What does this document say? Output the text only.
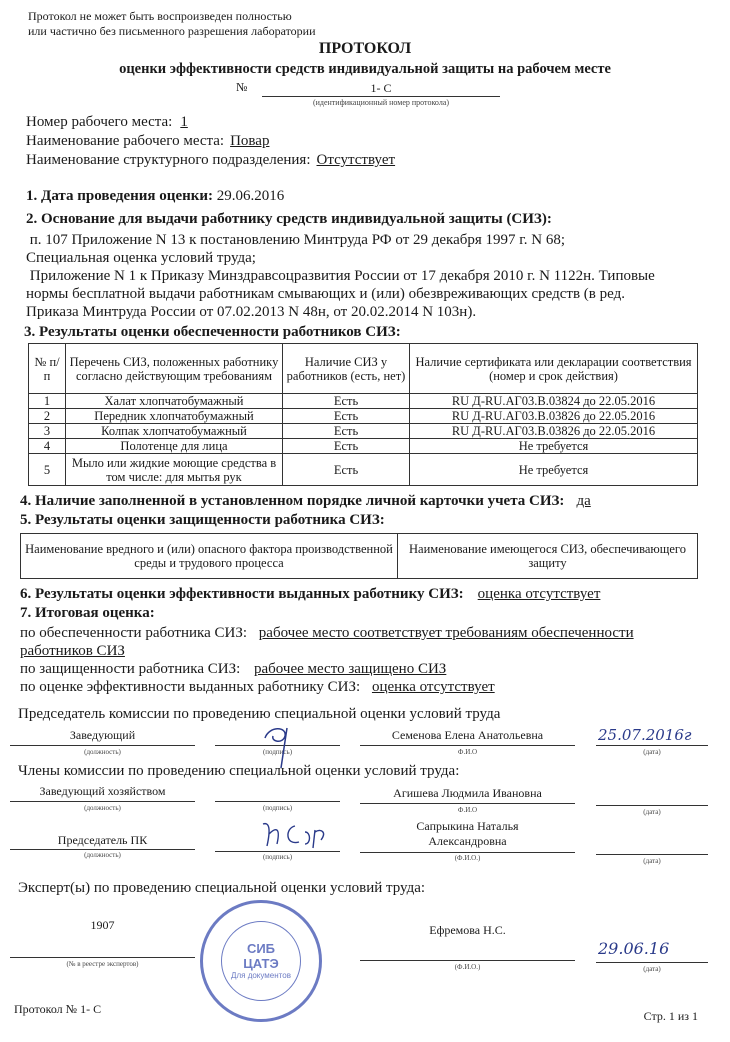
Протокол не может быть воспроизведен полностью
или частично без письменного разрешения лаборатории
ПРОТОКОЛ
оценки эффективности средств индивидуальной защиты на рабочем месте
№	1- С
(идентификационный номер протокола)
Номер рабочего места: 1
Наименование рабочего места: Повар
Наименование структурного подразделения: Отсутствует
1. Дата проведения оценки: 29.06.2016
2. Основание для выдачи работнику средств индивидуальной защиты (СИЗ):
п. 107 Приложение N 13 к постановлению Минтруда РФ от 29 декабря 1997 г. N 68;
Специальная оценка условий труда;
Приложение N 1 к Приказу Минздравсоцразвития России от 17 декабря 2010 г. N 1122н. Типовые
нормы бесплатной выдачи работникам смывающих и (или) обезвреживающих средств (в ред.
Приказа Минтруда России от 07.02.2013 N 48н, от 20.02.2014 N 103н).
3. Результаты оценки обеспеченности работников СИЗ:
№ п/п	Перечень СИЗ, положенных работнику согласно действующим требованиям	Наличие СИЗ у работников (есть, нет)	Наличие сертификата или декларации соответствия (номер и срок действия)
1	Халат хлопчатобумажный	Есть	RU Д-RU.АГ03.В.03824 до 22.05.2016
2	Передник хлопчатобумажный	Есть	RU Д-RU.АГ03.В.03826 до 22.05.2016
3	Колпак хлопчатобумажный	Есть	RU Д-RU.АГ03.В.03826 до 22.05.2016
4	Полотенце для лица	Есть	Не требуется
5	Мыло или жидкие моющие средства в том числе: для мытья рук	Есть	Не требуется
4. Наличие заполненной в установленном порядке личной карточки учета СИЗ: да
5. Результаты оценки защищенности работника СИЗ:
Наименование вредного и (или) опасного фактора производственной среды и трудового процесса	Наименование имеющегося СИЗ, обеспечивающего защиту
6. Результаты оценки эффективности выданных работнику СИЗ: оценка отсутствует
7. Итоговая оценка:
по обеспеченности работника СИЗ: рабочее место соответствует требованиям обеспеченности
работников СИЗ
по защищенности работника СИЗ: рабочее место защищено СИЗ
по оценке эффективности выданных работнику СИЗ: оценка отсутствует
Председатель комиссии по проведению специальной оценки условий труда
Заведующий
(должность)	(подпись)
Семенова Елена Анатольевна
Ф.И.О
25.07.2016г
(дата)
Члены комиссии по проведению специальной оценки условий труда:
Заведующий хозяйством
(должность)	(подпись)
Агишева Людмила Ивановна
Ф.И.О	(дата)
Председатель ПК
(должность)	(подпись)
Сапрыкина Наталья
Александровна
(Ф.И.О.)	(дата)
Эксперт(ы) по проведению специальной оценки условий труда:
1907
(№ в реестре экспертов)
Ефремова Н.С.
(Ф.И.О.)
29.06.16
(дата)
СИБ ЦАТЭ
Для документов
Протокол № 1- С	Стр. 1 из 1
